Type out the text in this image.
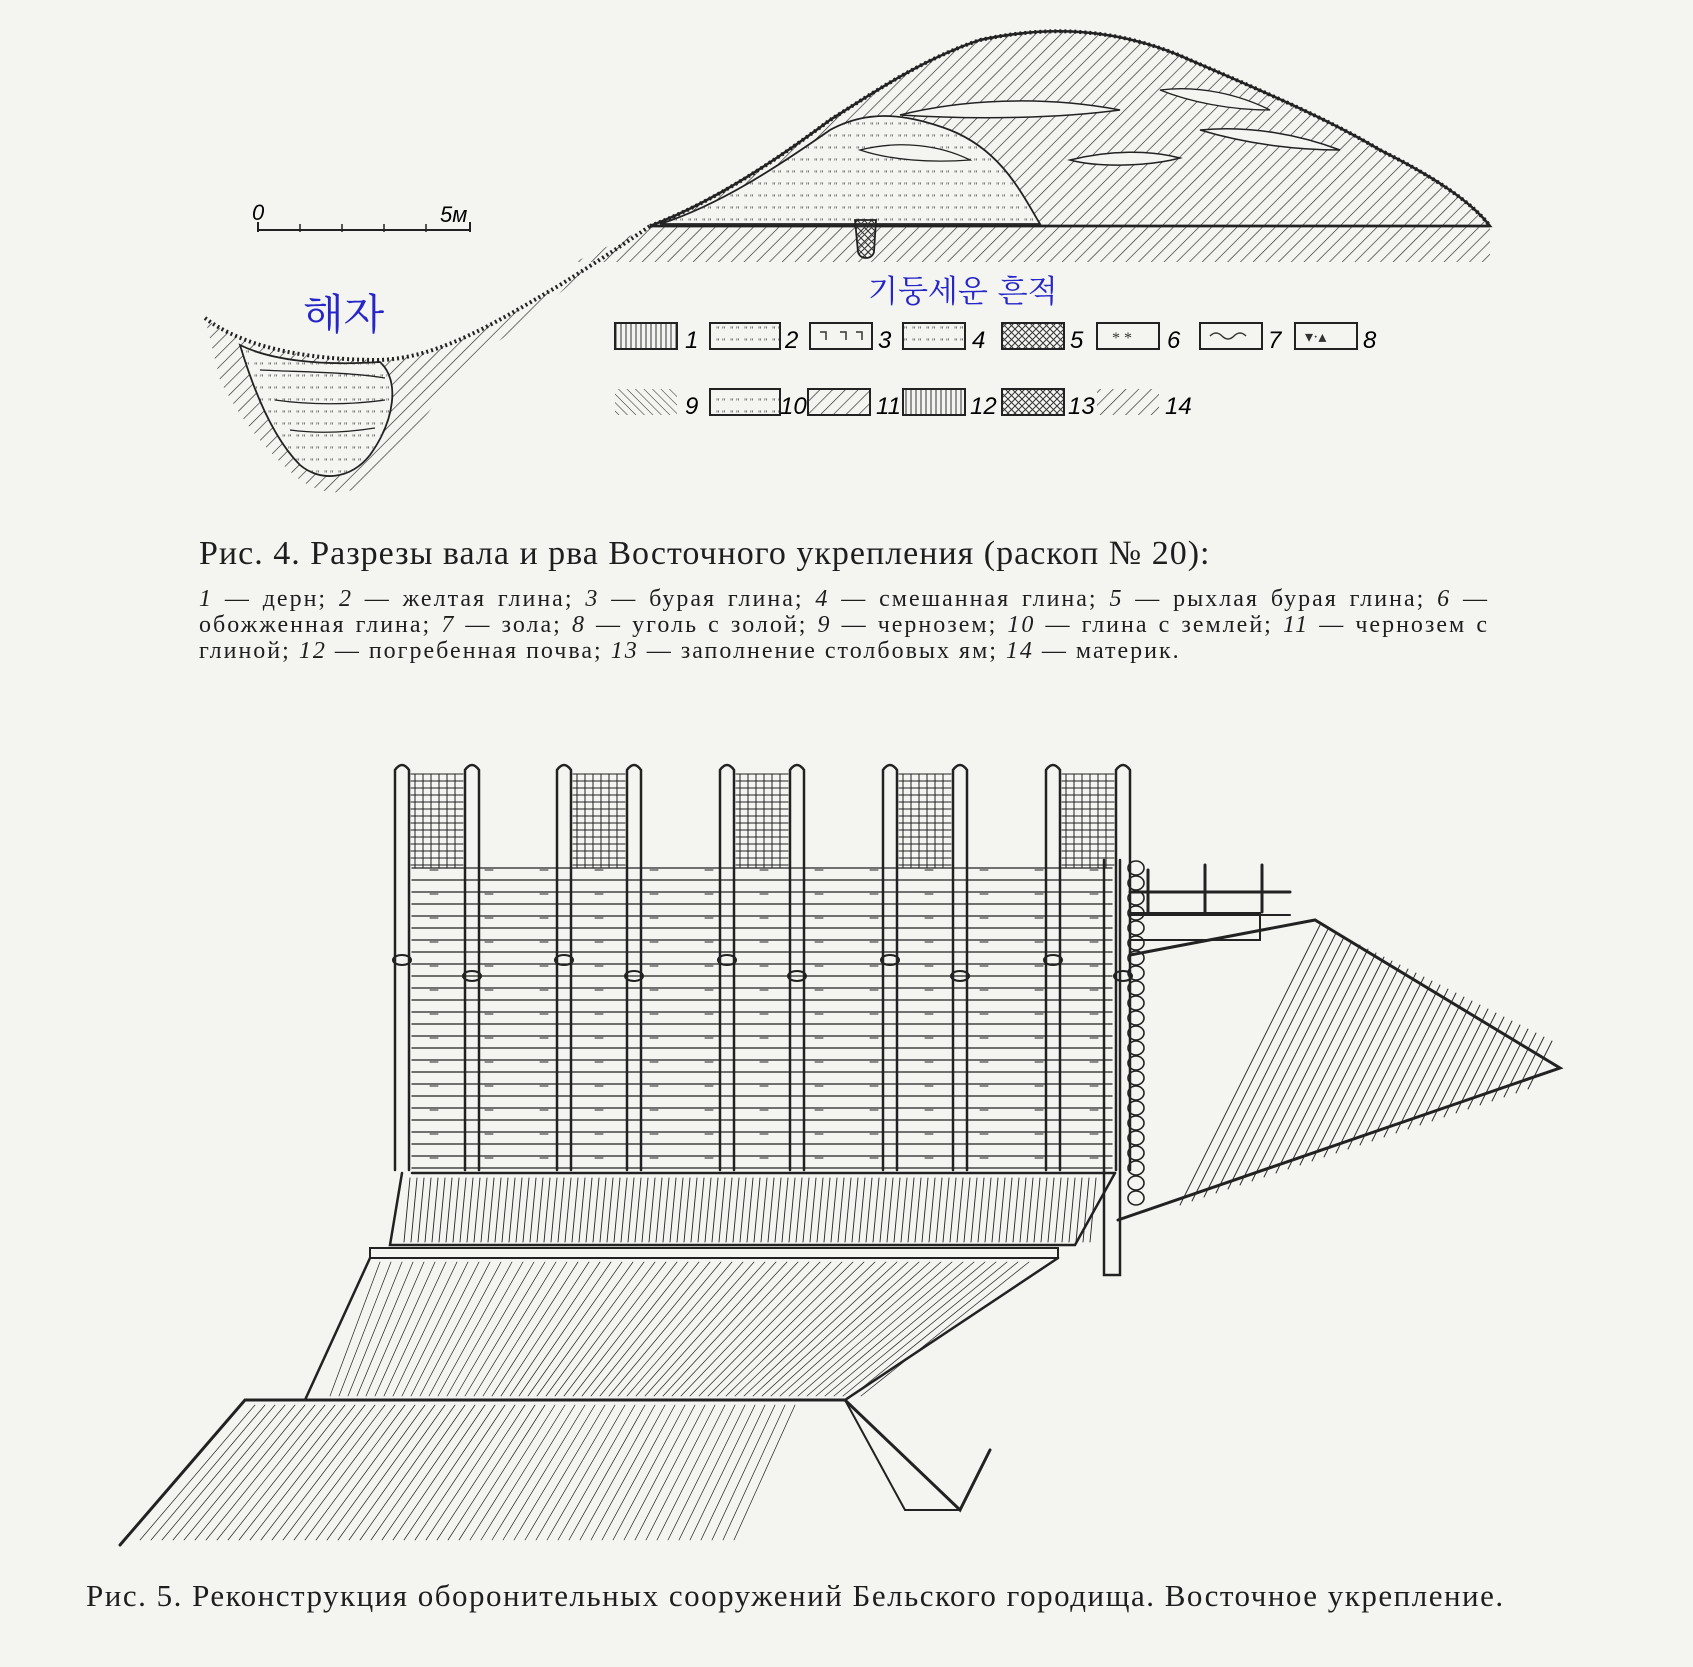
0	5м
* *	▾·▴
1	2	3	4	5	6	7	8
9	10	11	12	13	14
해자	기둥세운 흔적
Рис. 4. Разрезы вала и рва Восточного укрепления (раскоп № 20):
1 — дерн; 2 — желтая глина; 3 — бурая глина; 4 — смешанная глина; 5 — рыхлая бурая глина; 6 — обожженная глина; 7 — зола; 8 — уголь с золой; 9 — чернозем; 10 — глина с землей; 11 — чернозем с глиной; 12 — погребенная почва; 13 — заполнение столбовых ям; 14 — материк.
Рис. 5. Реконструкция оборонительных сооружений Бельского городища. Восточное укрепление.
